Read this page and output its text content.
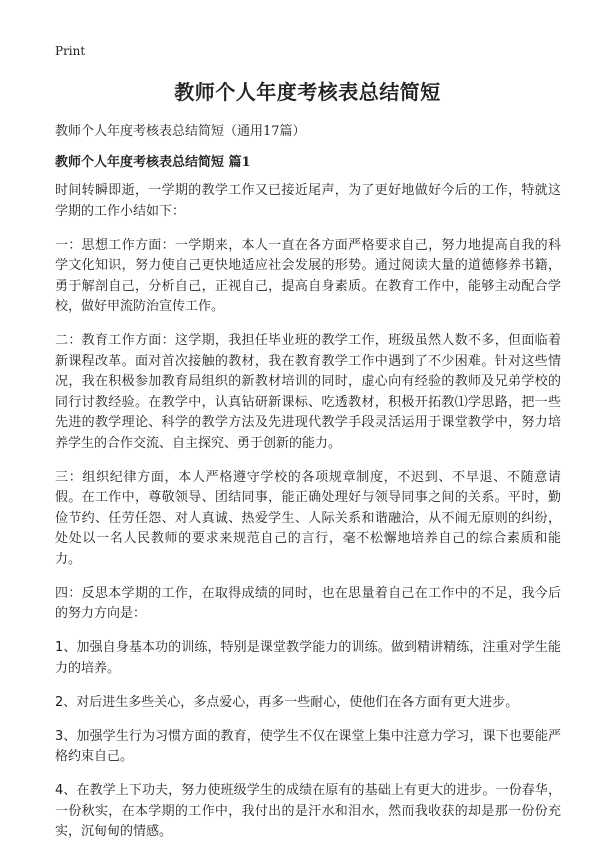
Print
教师个人年度考核表总结简短
教师个人年度考核表总结简短（通用17篇）
教师个人年度考核表总结简短 篇1

时间转瞬即逝，一学期的教学工作又已接近尾声，为了更好地做好今后的工作，特就这学期的工作小结如下：

一：思想工作方面：一学期来，本人一直在各方面严格要求自己，努力地提高自我的科学文化知识，努力使自己更快地适应社会发展的形势。通过阅读大量的道德修养书籍，勇于解剖自己，分析自己，正视自己，提高自身素质。在教育工作中，能够主动配合学校，做好甲流防治宣传工作。

二：教育工作方面：这学期，我担任毕业班的教学工作，班级虽然人数不多，但面临着新课程改革。面对首次接触的教材，我在教育教学工作中遇到了不少困难。针对这些情况，我在积极参加教育局组织的新教材培训的同时，虚心向有经验的教师及兄弟学校的同行讨教经验。在教学中，认真钻研新课标、吃透教材，积极开拓教⑴学思路，把一些先进的教学理论、科学的教学方法及先进现代教学手段灵活运用于课堂教学中，努力培养学生的合作交流、自主探究、勇于创新的能力。

三：组织纪律方面，本人严格遵守学校的各项规章制度，不迟到、不早退、不随意请假。在工作中，尊敬领导、团结同事，能正确处理好与领导同事之间的关系。平时，勤俭节约、任劳任怨、对人真诚、热爱学生、人际关系和谐融洽，从不闹无原则的纠纷，处处以一名人民教师的要求来规范自己的言行，毫不松懈地培养自己的综合素质和能力。

四：反思本学期的工作，在取得成绩的同时，也在思量着自己在工作中的不足，我今后的努力方向是：

1、加强自身基本功的训练，特别是课堂教学能力的训练。做到精讲精练，注重对学生能力的培养。

2、对后进生多些关心，多点爱心，再多一些耐心，使他们在各方面有更大进步。

3、加强学生行为习惯方面的教育，使学生不仅在课堂上集中注意力学习，课下也要能严格约束自己。

4、在教学上下功夫，努力使班级学生的成绩在原有的基础上有更大的进步。一份春华，一份秋实，在本学期的工作中，我付出的是汗水和泪水，然而我收获的却是那一份份充实，沉甸甸的情感。
